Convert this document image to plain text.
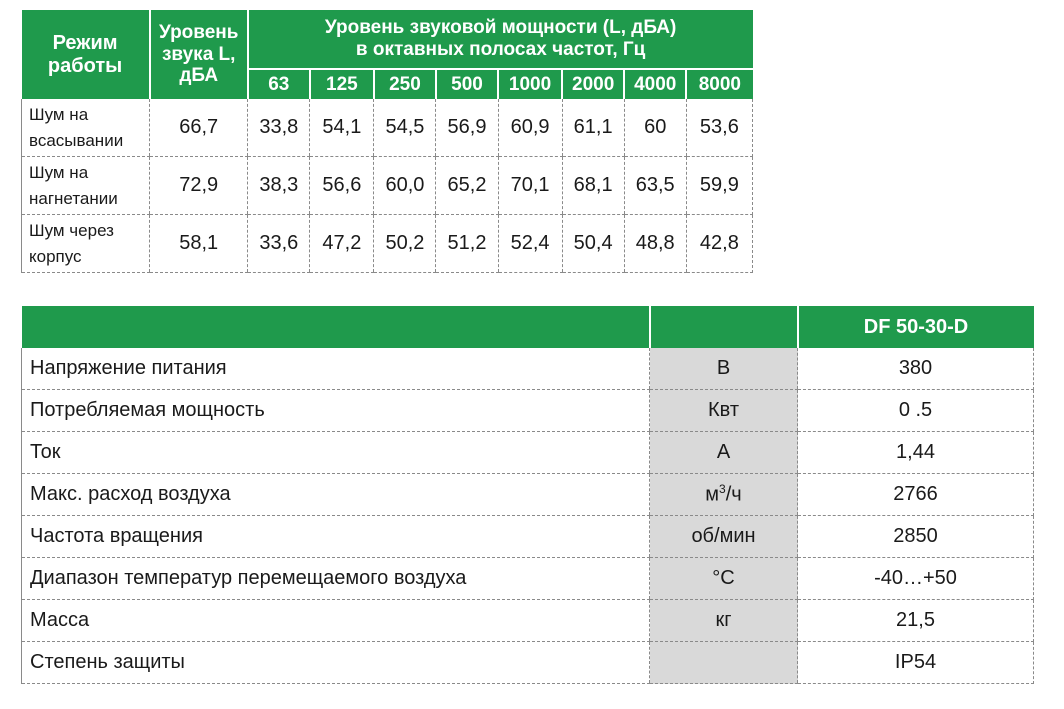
Режим работы	Уровень звука L, дБА	Уровень звуковой мощности (L, дБА)
в октавных полосах частот, Гц							

		63	125	250	500	1000	2000	4000	8000

Шум на
всасывании	66,7	33,8	54,1	54,5	56,9	60,9	61,1	60	53,6

Шум на
нагнетании	72,9	38,3	56,6	60,0	65,2	70,1	68,1	63,5	59,9

Шум через
корпус	58,1	33,6	47,2	50,2	51,2	52,4	50,4	48,8	42,8
		DF 50-30-D
Напряжение питания	В	380
Потребляемая мощность	Квт	0 .5
Ток	А	1,44
Макс. расход воздуха	$м^3/ч$	2766
Частота вращения	об/мин	2850
Диапазон температур перемещаемого воздуха	°С	-40…+50
Масса	кг	21,5
Степень защиты		IP54
